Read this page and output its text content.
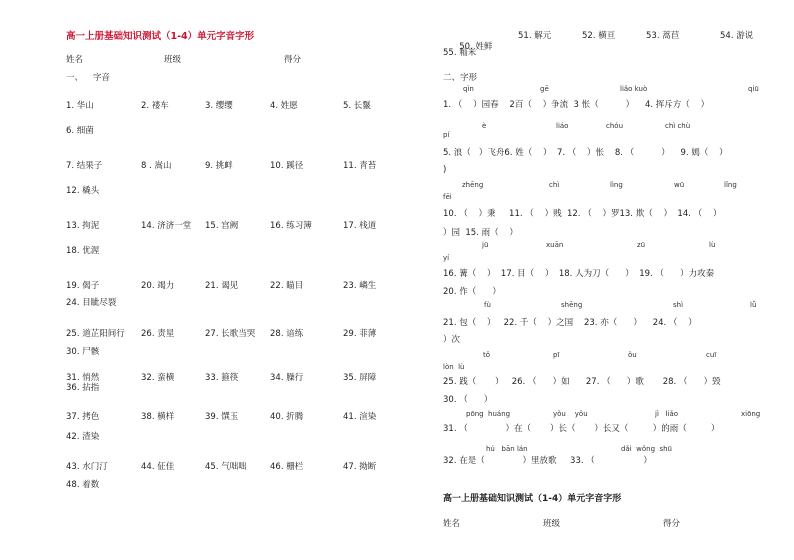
高一上册基础知识测试（1-4）单元字音字形
姓名	班级	得分
一、 字音
1. 华山	2. 褛车	3. 缨缨	4. 姓愿	5. 长鬣
6. 细菌
7. 结果子	8 . 嵩山	9. 挑衅	10. 蹊径	11. 青苔
12. 橇头
13. 拘泥	14. 济济一堂 15. 宫阙	16. 练习簿	17. 栈道
18. 优渥
19. 偈子	20. 竭力	21. 谒见	22. 瞄目	23. 嶙生
24. 目眦尽裂
25. 道芷阳间行 26. 责星	27. 长歌当哭 28. 谙练	29. 菲薄
30. 尸骸
31. 悄然	32. 蛮横	33. 箍筷	34. 臊行	35. 屏障
36. 拈指
37. 拷色	38. 横样	39. 馔玉	40. 折腾	41. 渲染
42. 渣染
43. 水门汀	44. 佂佳	45. 气咄咄	46. 栅栏	47. 拗断
48. 着数

50. 姓鲜

51. 解元	52. 横亘	53. 蒿苣	54. 游说
55. 籼米
二、字形
qìn	gē	liǎo kuò	qiū
1. （    ）园春    2百（    ）争流  3 怅（          ）    4. 挥斥方（    ）
pí
è	liáo	chóu	chì chù
5. 浪（   ）飞舟6. 姓（    ）  7. （    ）怅    8. （          ）    9. 嫣（    ）
)
zhēng	chì	lìng	wū	lǐng
fēi
10. （    ）秉     11. （    ）贱  12. （    ）罗13. 欺（    ）  14. （    ）
）园  15. 雨（    ）
jū	xuān	zū	lù
yí
16. 篝（    ）  17. 目（    ）  18. 人为刀（      ）  19. （      ）力攻秦
20. 作（      ）
fù	shēng	shì	lǚ
21. 包（    ）   22. 千（    ）之国    23. 亦（      ）    24. （    ）
）次
tǒ	pī	ǒu	cuī
lòn  lù
25. 践（       ）   26. （      ）如      27. （      ）歌       28. （      ）毁
30. （      ）
pōng  huáng	yǒu    yǒu	jì   liǎo	xiōng
31. （              ）在（       ）长（       ）长又（         ）的雨（         ）
hú   bān lán	dǎi  wǒng  shū
32. 在是（              ）里放歌     33. （                  ）
高一上册基础知识测试（1-4）单元字音字形
姓名	班级	得分
